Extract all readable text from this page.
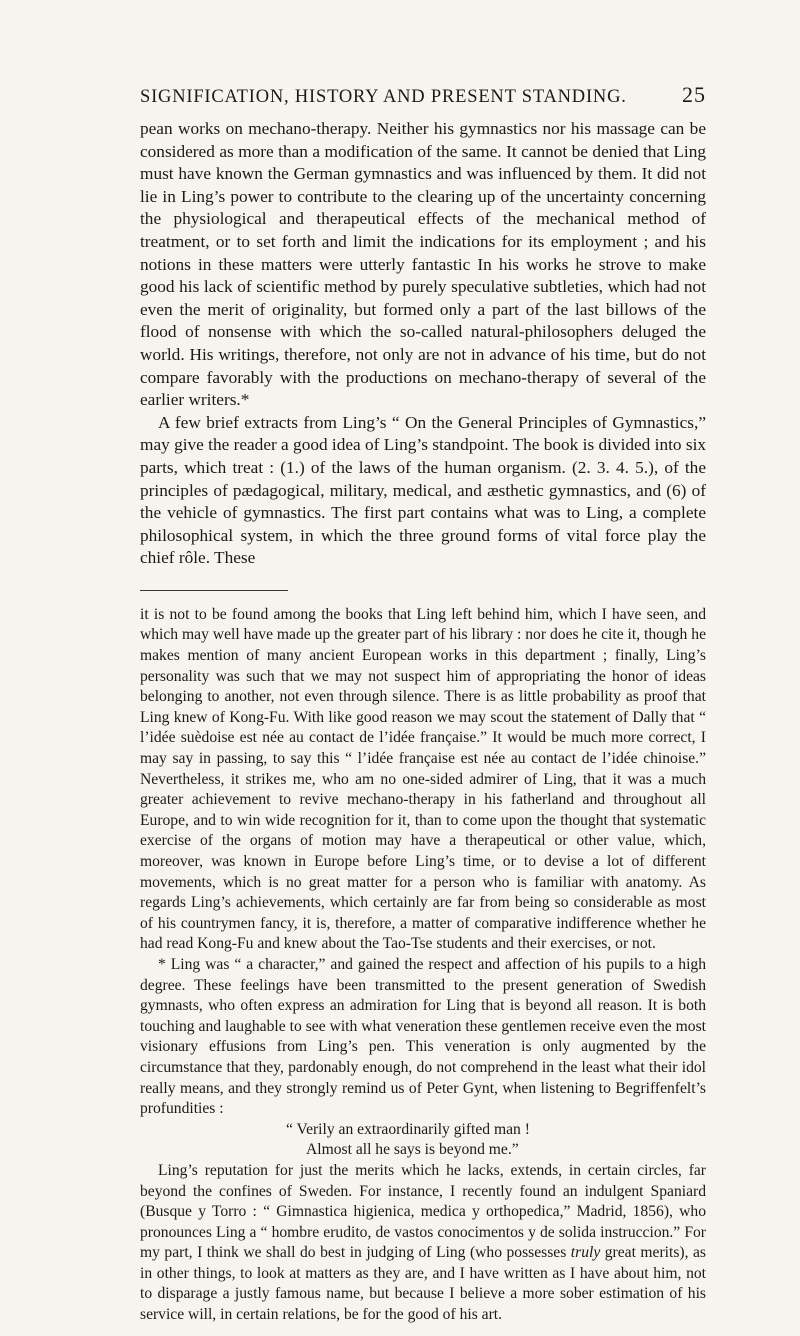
SIGNIFICATION, HISTORY AND PRESENT STANDING.	25

pean works on mechano-therapy. Neither his gymnastics nor his massage can be considered as more than a modification of the same. It cannot be denied that Ling must have known the German gymnastics and was influenced by them. It did not lie in Ling’s power to contribute to the clearing up of the uncertainty concerning the physiological and therapeutical effects of the mechanical method of treatment, or to set forth and limit the indications for its employment ; and his notions in these matters were utterly fantastic In his works he strove to make good his lack of scientific method by purely speculative subtleties, which had not even the merit of originality, but formed only a part of the last billows of the flood of nonsense with which the so-called natural-philosophers deluged the world. His writings, therefore, not only are not in advance of his time, but do not compare favorably with the productions on mechano-therapy of several of the earlier writers.*

A few brief extracts from Ling’s “ On the General Principles of Gymnastics,” may give the reader a good idea of Ling’s standpoint. The book is divided into six parts, which treat : (1.) of the laws of the human organism. (2. 3. 4. 5.), of the principles of pædagogical, military, medical, and æsthetic gymnastics, and (6) of the vehicle of gymnastics. The first part contains what was to Ling, a complete philosophical system, in which the three ground forms of vital force play the chief rôle. These

it is not to be found among the books that Ling left behind him, which I have seen, and which may well have made up the greater part of his library : nor does he cite it, though he makes mention of many ancient European works in this department ; finally, Ling’s personality was such that we may not suspect him of appropriating the honor of ideas belonging to another, not even through silence. There is as little probability as proof that Ling knew of Kong-Fu. With like good reason we may scout the statement of Dally that “ l’idée suèdoise est née au contact de l’idée française.” It would be much more correct, I may say in passing, to say this “ l’idée française est née au contact de l’idée chinoise.” Nevertheless, it strikes me, who am no one-sided admirer of Ling, that it was a much greater achievement to revive mechano-therapy in his fatherland and throughout all Europe, and to win wide recognition for it, than to come upon the thought that systematic exercise of the organs of motion may have a therapeutical or other value, which, moreover, was known in Europe before Ling’s time, or to devise a lot of different movements, which is no great matter for a person who is familiar with anatomy. As regards Ling’s achievements, which certainly are far from being so considerable as most of his countrymen fancy, it is, therefore, a matter of comparative indifference whether he had read Kong-Fu and knew about the Tao-Tse students and their exercises, or not.

* Ling was “ a character,” and gained the respect and affection of his pupils to a high degree. These feelings have been transmitted to the present generation of Swedish gymnasts, who often express an admiration for Ling that is beyond all reason. It is both touching and laughable to see with what veneration these gentlemen receive even the most visionary effusions from Ling’s pen. This veneration is only augmented by the circumstance that they, pardonably enough, do not comprehend in the least what their idol really means, and they strongly remind us of Peter Gynt, when listening to Begriffenfelt’s profundities :

“ Verily an extraordinarily gifted man !

Almost all he says is beyond me.”

Ling’s reputation for just the merits which he lacks, extends, in certain circles, far beyond the confines of Sweden. For instance, I recently found an indulgent Spaniard (Busque y Torro : “ Gimnastica higienica, medica y orthopedica,” Madrid, 1856), who pronounces Ling a “ hombre erudito, de vastos conocimentos y de solida instruccion.” For my part, I think we shall do best in judging of Ling (who possesses truly great merits), as in other things, to look at matters as they are, and I have written as I have about him, not to disparage a justly famous name, but because I believe a more sober estimation of his service will, in certain relations, be for the good of his art.
